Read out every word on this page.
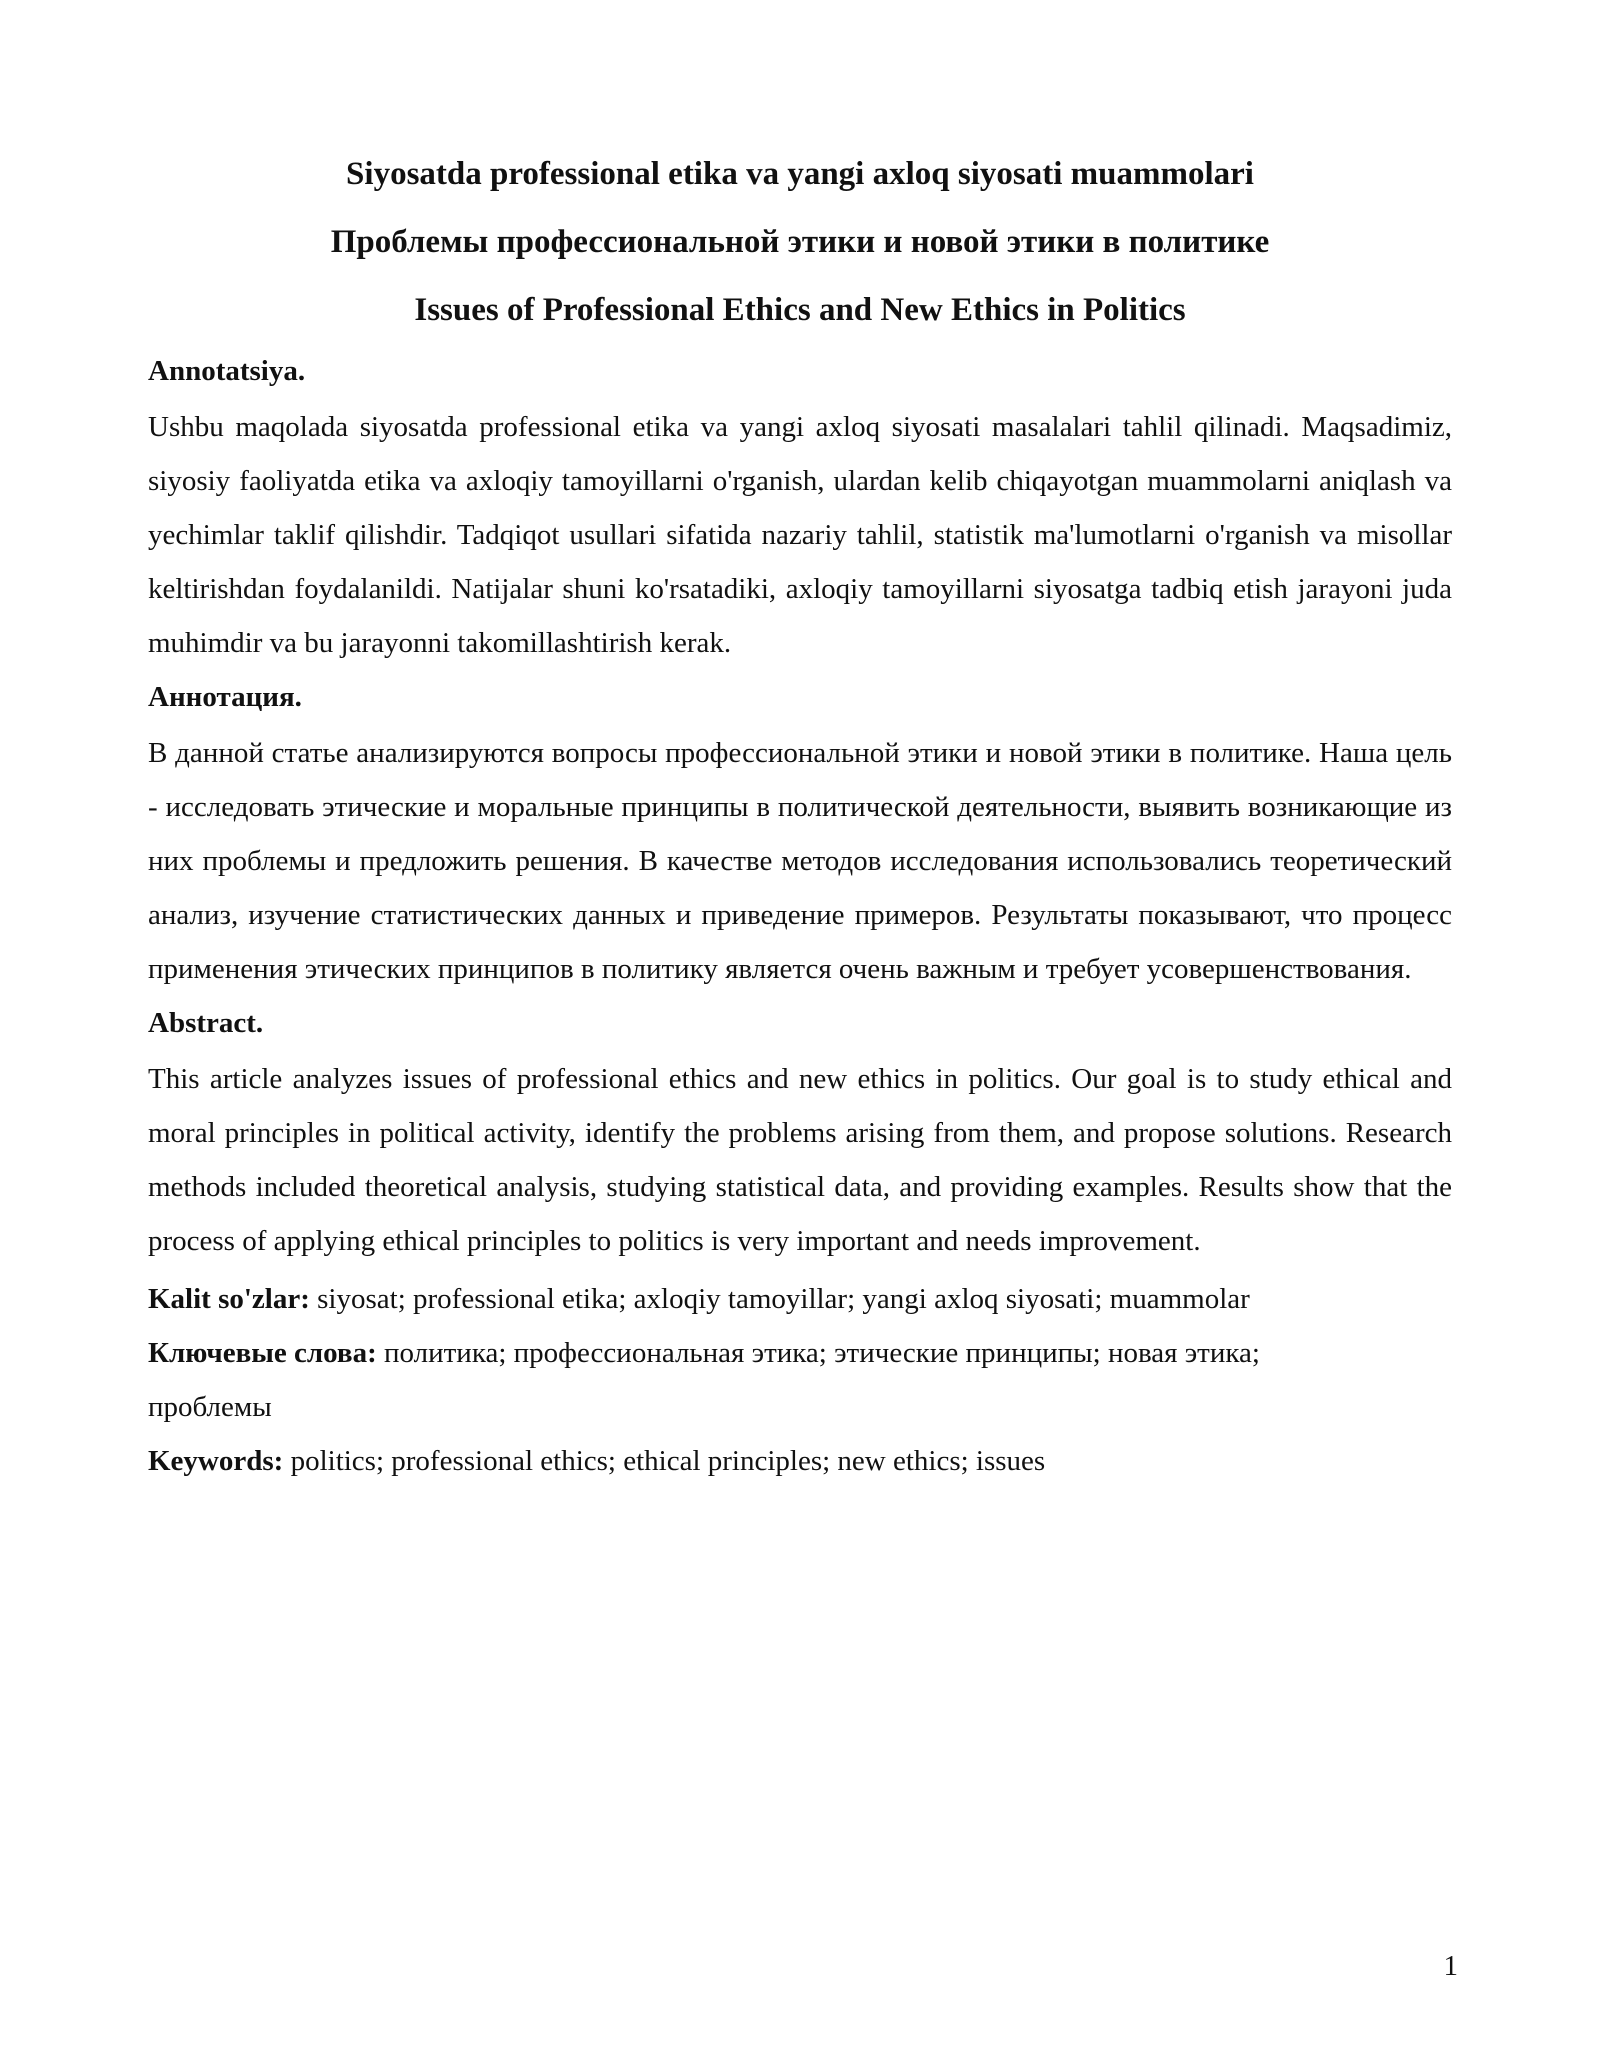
Siyosatda professional etika va yangi axloq siyosati muammolari
Проблемы профессиональной этики и новой этики в политике
Issues of Professional Ethics and New Ethics in Politics
Annotatsiya.

Ushbu maqolada siyosatda professional etika va yangi axloq siyosati masalalari tahlil qilinadi. Maqsadimiz, siyosiy faoliyatda etika va axloqiy tamoyillarni o'rganish, ulardan kelib chiqayotgan muammolarni aniqlash va yechimlar taklif qilishdir. Tadqiqot usullari sifatida nazariy tahlil, statistik ma'lumotlarni o'rganish va misollar keltirishdan foydalanildi. Natijalar shuni ko'rsatadiki, axloqiy tamoyillarni siyosatga tadbiq etish jarayoni juda muhimdir va bu jarayonni takomillashtirish kerak.

Аннотация.

В данной статье анализируются вопросы профессиональной этики и новой этики в политике. Наша цель - исследовать этические и моральные принципы в политической деятельности, выявить возникающие из них проблемы и предложить решения. В качестве методов исследования использовались теоретический анализ, изучение статистических данных и приведение примеров. Результаты показывают, что процесс применения этических принципов в политику является очень важным и требует усовершенствования.

Abstract.

This article analyzes issues of professional ethics and new ethics in politics. Our goal is to study ethical and moral principles in political activity, identify the problems arising from them, and propose solutions. Research methods included theoretical analysis, studying statistical data, and providing examples. Results show that the process of applying ethical principles to politics is very important and needs improvement.

Kalit so'zlar: siyosat; professional etika; axloqiy tamoyillar; yangi axloq siyosati; muammolar

Ключевые слова: политика; профессиональная этика; этические принципы; новая этика; проблемы

Keywords: politics; professional ethics; ethical principles; new ethics; issues

1
